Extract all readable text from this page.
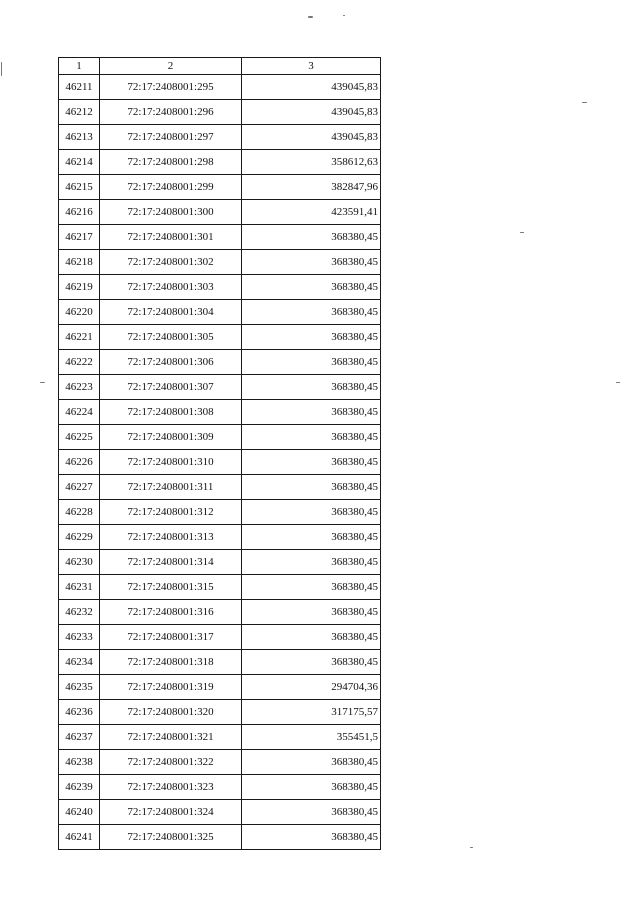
1	2	3
46211	72:17:2408001:295	439045,83
46212	72:17:2408001:296	439045,83
46213	72:17:2408001:297	439045,83
46214	72:17:2408001:298	358612,63
46215	72:17:2408001:299	382847,96
46216	72:17:2408001:300	423591,41
46217	72:17:2408001:301	368380,45
46218	72:17:2408001:302	368380,45
46219	72:17:2408001:303	368380,45
46220	72:17:2408001:304	368380,45
46221	72:17:2408001:305	368380,45
46222	72:17:2408001:306	368380,45
46223	72:17:2408001:307	368380,45
46224	72:17:2408001:308	368380,45
46225	72:17:2408001:309	368380,45
46226	72:17:2408001:310	368380,45
46227	72:17:2408001:311	368380,45
46228	72:17:2408001:312	368380,45
46229	72:17:2408001:313	368380,45
46230	72:17:2408001:314	368380,45
46231	72:17:2408001:315	368380,45
46232	72:17:2408001:316	368380,45
46233	72:17:2408001:317	368380,45
46234	72:17:2408001:318	368380,45
46235	72:17:2408001:319	294704,36
46236	72:17:2408001:320	317175,57
46237	72:17:2408001:321	355451,5
46238	72:17:2408001:322	368380,45
46239	72:17:2408001:323	368380,45
46240	72:17:2408001:324	368380,45
46241	72:17:2408001:325	368380,45
